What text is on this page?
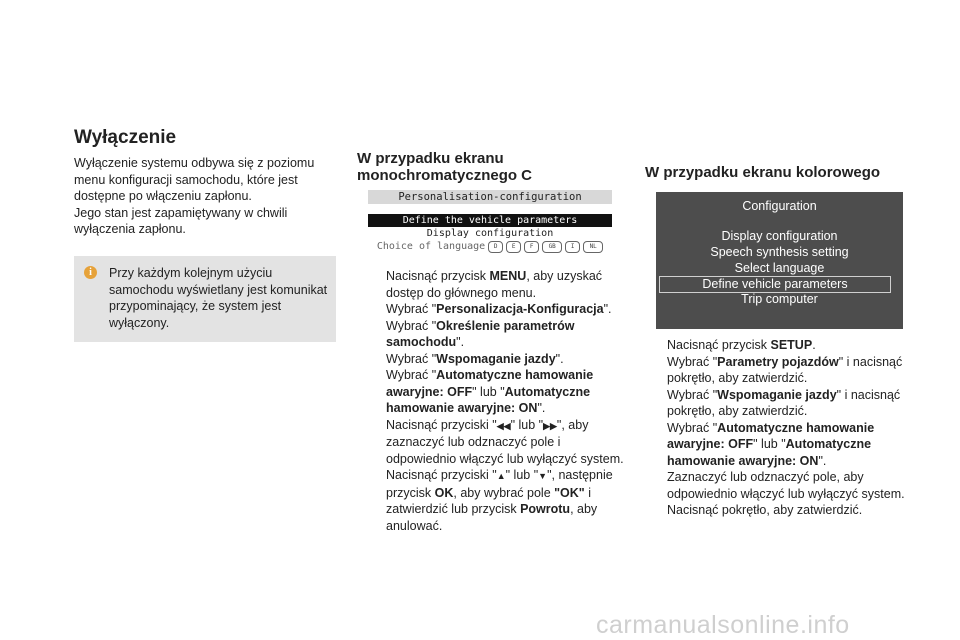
Wyłączenie

Wyłączenie systemu odbywa się z poziomu menu konfiguracji samochodu, które jest dostępne po włączeniu zapłonu.

Jego stan jest zapamiętywany w chwili wyłączenia zapłonu.

i	Przy każdym kolejnym użyciu samochodu wyświetlany jest komunikat przypominający, że system jest wyłączony.
W przypadku ekranu monochromatycznego C
Personalisation-configuration
Define the vehicle parameters
Display configuration
Choice of language	D	E	F	GB	I	NL
Nacisnąć przycisk MENU, aby uzyskać dostęp do głównego menu.
Wybrać "Personalizacja-Konfiguracja".
Wybrać "Określenie parametrów samochodu".
Wybrać "Wspomaganie jazdy".
Wybrać "Automatyczne hamowanie awaryjne: OFF" lub "Automatyczne hamowanie awaryjne: ON".
Nacisnąć przyciski "◀◀" lub "▶▶", aby zaznaczyć lub odznaczyć pole i odpowiednio włączyć lub wyłączyć system.
Nacisnąć przyciski "▲" lub "▼", następnie przycisk OK, aby wybrać pole "OK" i zatwierdzić lub przycisk Powrotu, aby anulować.
W przypadku ekranu kolorowego
Configuration
Display configuration
Speech synthesis setting
Select language
Define vehicle parameters
Trip computer
Nacisnąć przycisk SETUP.
Wybrać "Parametry pojazdów" i nacisnąć pokrętło, aby zatwierdzić.
Wybrać "Wspomaganie jazdy" i nacisnąć pokrętło, aby zatwierdzić.
Wybrać "Automatyczne hamowanie awaryjne: OFF" lub "Automatyczne hamowanie awaryjne: ON".
Zaznaczyć lub odznaczyć pole, aby odpowiednio włączyć lub wyłączyć system.
Nacisnąć pokrętło, aby zatwierdzić.
carmanualsonline.info
